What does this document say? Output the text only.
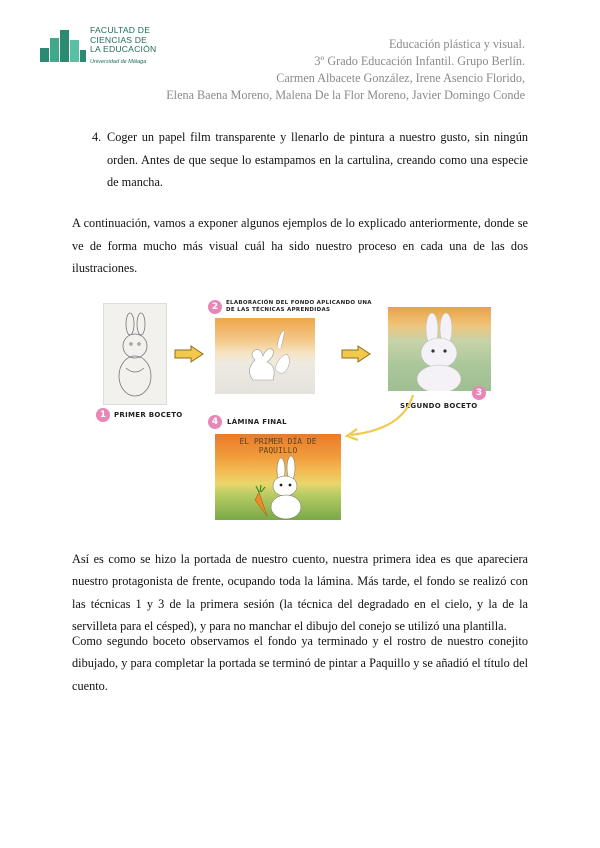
FACULTAD DE
CIENCIAS DE
LA EDUCACIÓN
Universidad de Málaga
Educación plástica y visual.
3º Grado Educación Infantil. Grupo Berlín.
Carmen Albacete González, Irene Asencio Florido,
Elena Baena Moreno, Malena De la Flor Moreno, Javier Domingo Conde
4. Coger un papel film transparente y llenarlo de pintura a nuestro gusto, sin ningún orden. Antes de que seque lo estampamos en la cartulina, creando como una especie de mancha.
A continuación, vamos a exponer algunos ejemplos de lo explicado anteriormente, donde se ve de forma mucho más visual cuál ha sido nuestro proceso en cada una de las dos ilustraciones.
1	PRIMER BOCETO
2	ELABORACIÓN DEL FONDO APLICANDO UNA DE LAS TÉCNICAS APRENDIDAS
3
SEGUNDO BOCETO
4	LÁMINA FINAL
EL PRIMER DÍA DE
PAQUILLO
Así es como se hizo la portada de nuestro cuento, nuestra primera idea es que apareciera nuestro protagonista de frente, ocupando toda la lámina. Más tarde, el fondo se realizó con las técnicas 1 y 3 de la primera sesión (la técnica del degradado en el cielo, y la de la servilleta para el césped), y para no manchar el dibujo del conejo se utilizó una plantilla.
Como segundo boceto observamos el fondo ya terminado y el rostro de nuestro conejito dibujado, y para completar la portada se terminó de pintar a Paquillo y se añadió el título del cuento.
